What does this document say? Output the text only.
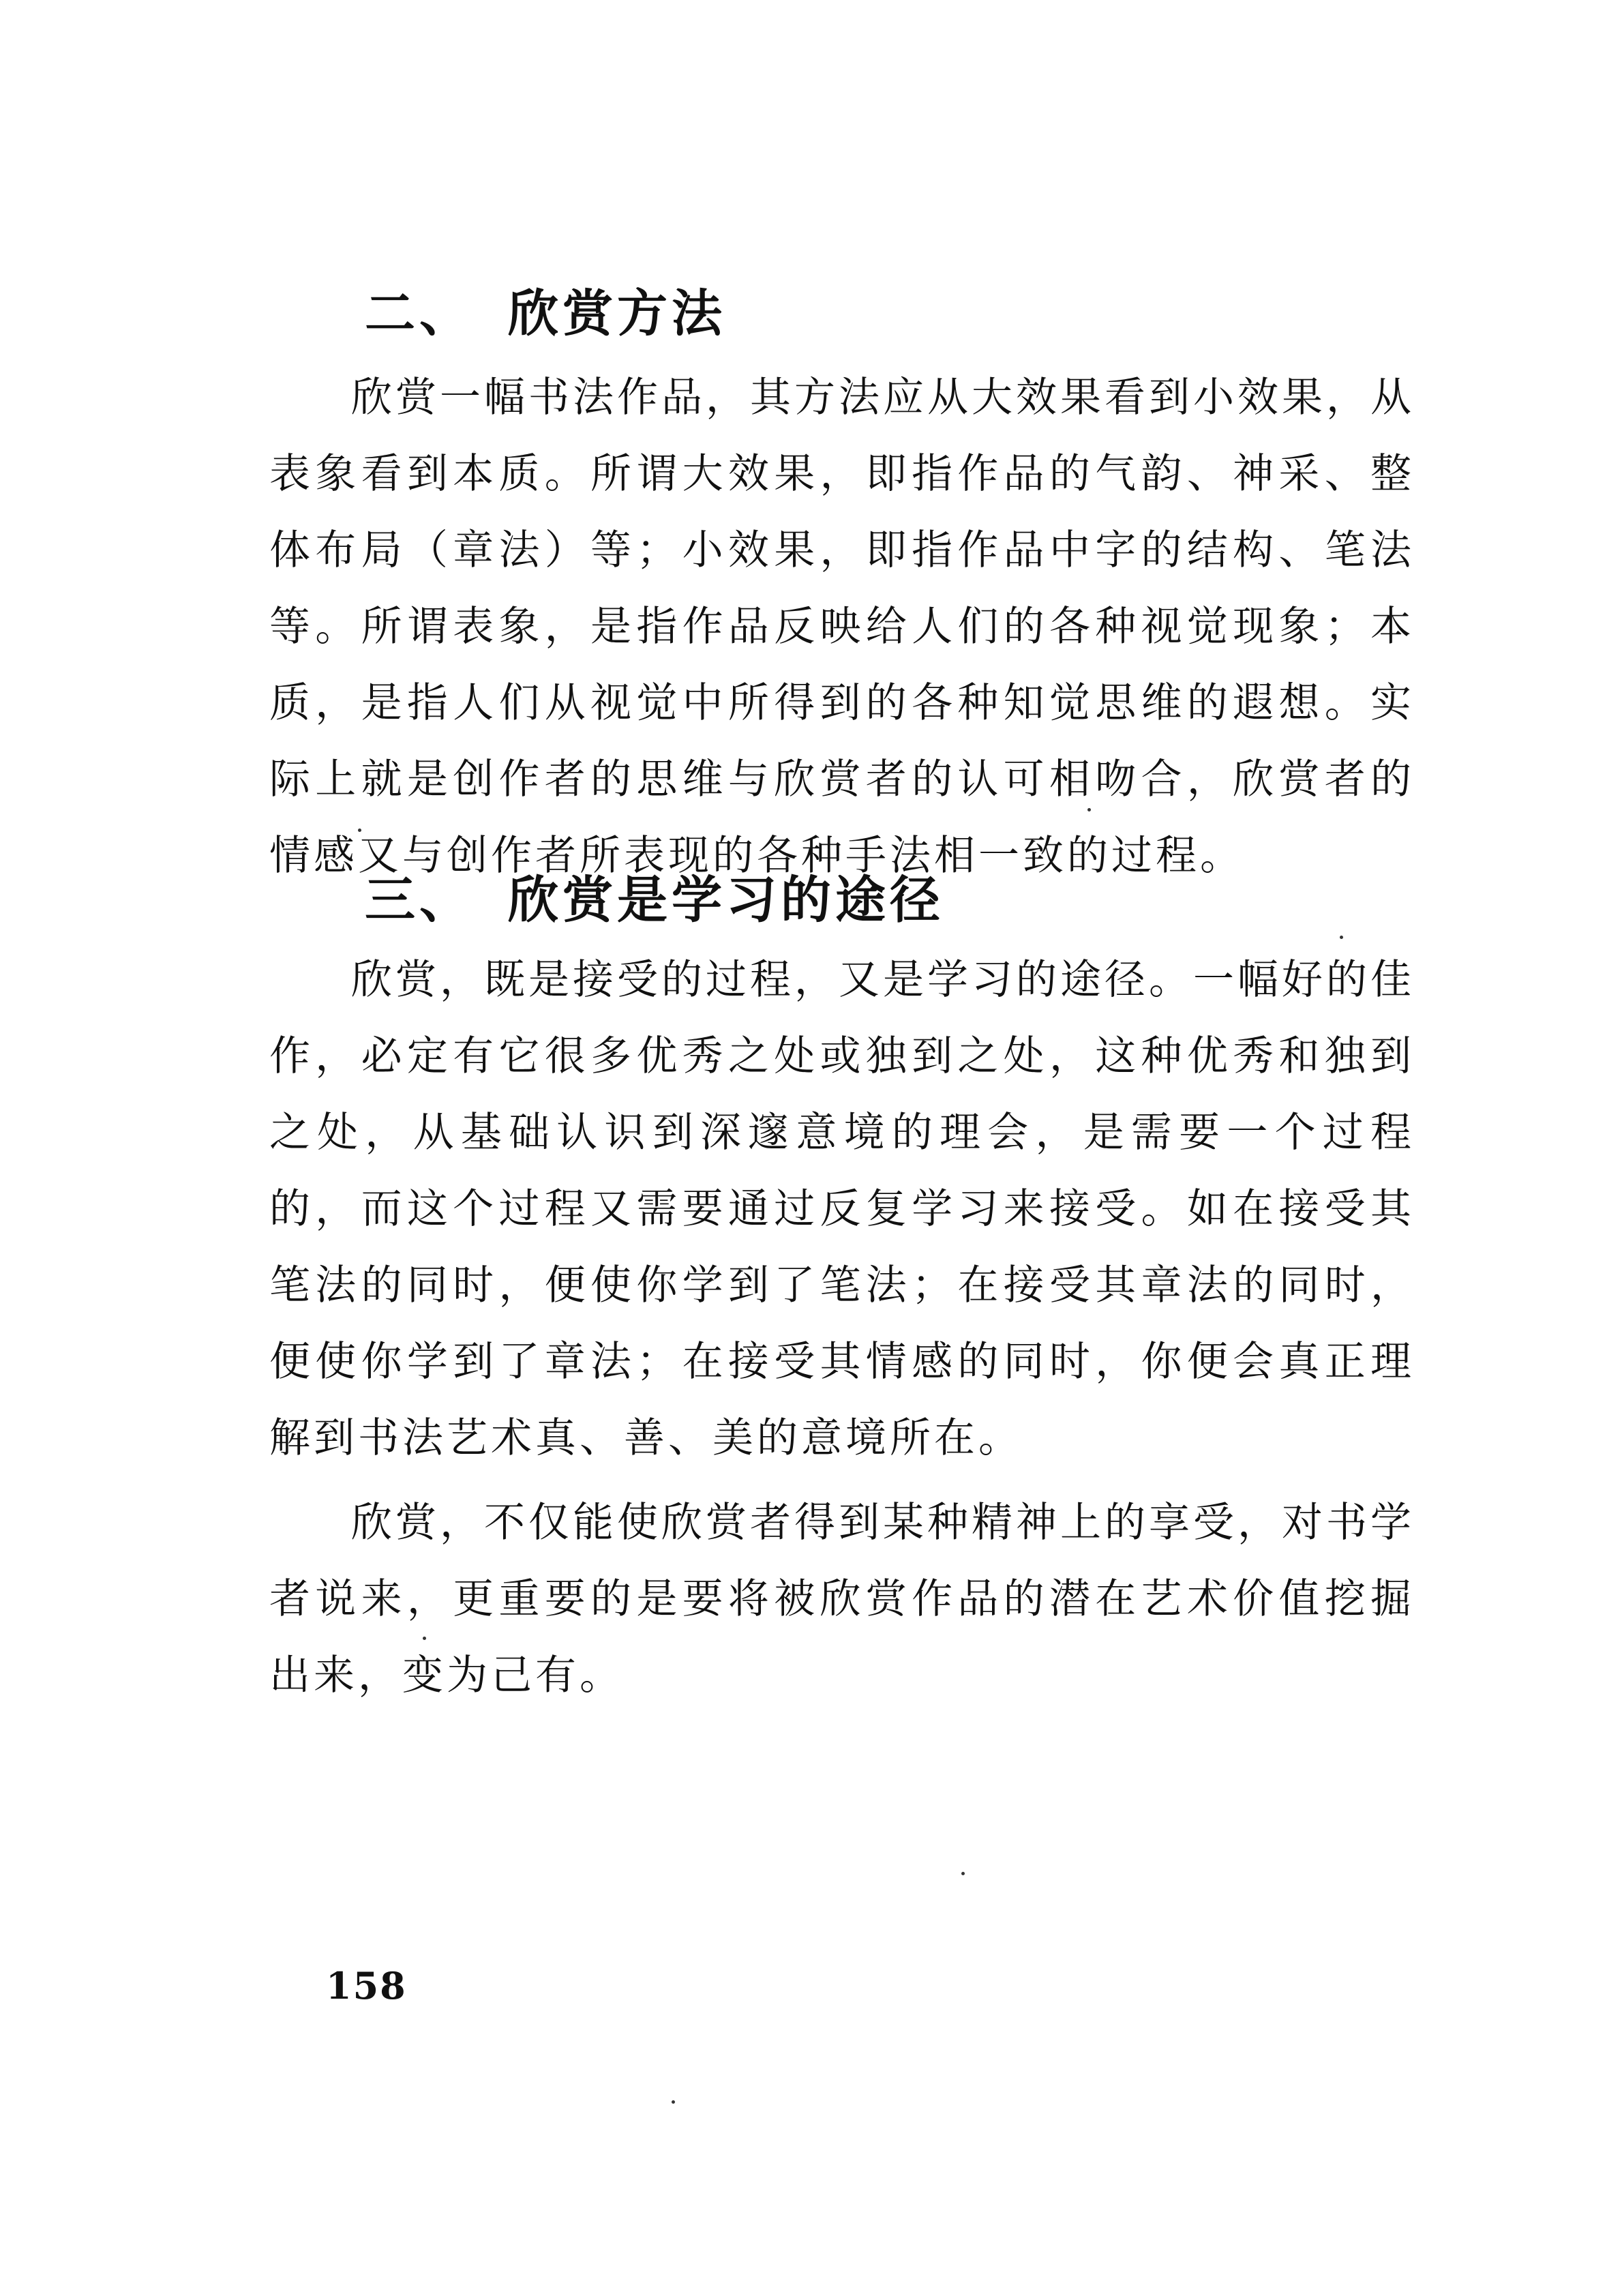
二、 欣赏方法

欣赏一幅书法作品，其方法应从大效果看到小效果，从表象看到本质。所谓大效果，即指作品的气韵、神采、整体布局（章法）等；小效果，即指作品中字的结构、笔法等。所谓表象，是指作品反映给人们的各种视觉现象；本质，是指人们从视觉中所得到的各种知觉思维的遐想。实际上就是创作者的思维与欣赏者的认可相吻合，欣赏者的情感又与创作者所表现的各种手法相一致的过程。

三、 欣赏是学习的途径

欣赏，既是接受的过程，又是学习的途径。一幅好的佳作，必定有它很多优秀之处或独到之处，这种优秀和独到之处，从基础认识到深邃意境的理会，是需要一个过程的，而这个过程又需要通过反复学习来接受。如在接受其笔法的同时，便使你学到了笔法；在接受其章法的同时，便使你学到了章法；在接受其情感的同时，你便会真正理解到书法艺术真、善、美的意境所在。

欣赏，不仅能使欣赏者得到某种精神上的享受，对书学者说来，更重要的是要将被欣赏作品的潜在艺术价值挖掘出来，变为己有。

158
